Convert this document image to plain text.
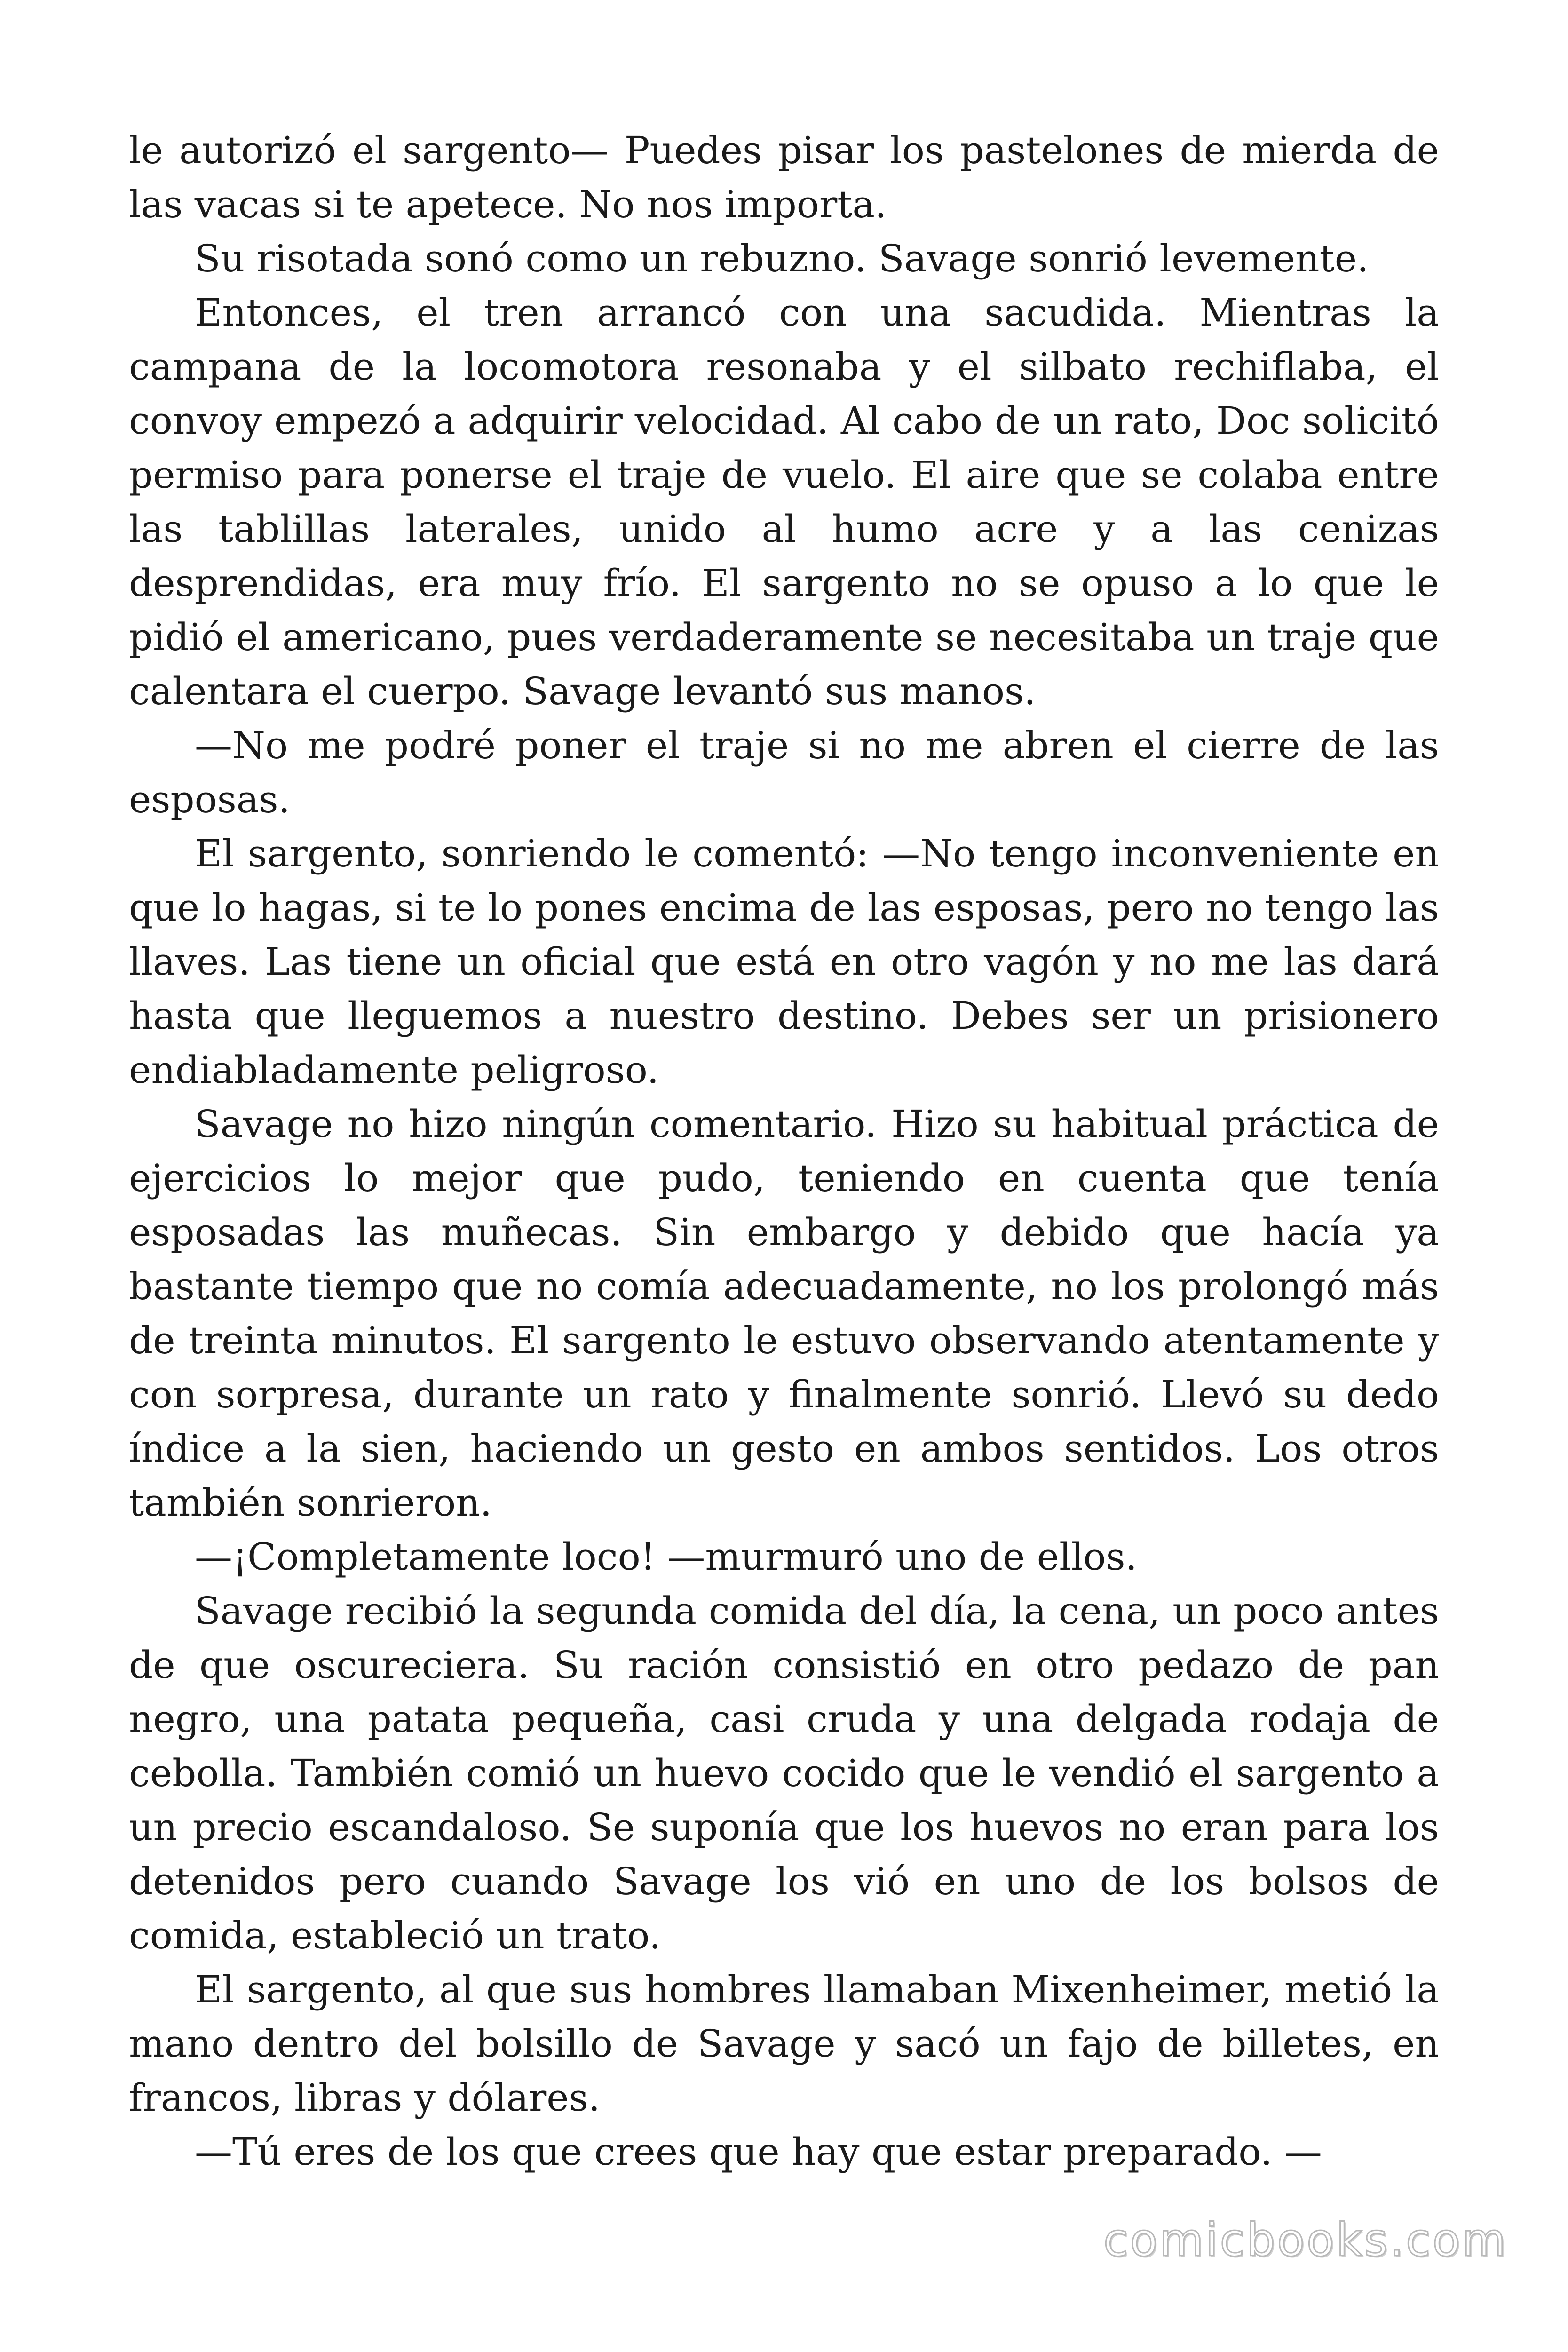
le autorizó el sargento— Puedes pisar los pastelones de mierda de las vacas si te apetece. No nos importa.

Su risotada sonó como un rebuzno. Savage sonrió levemente.

Entonces, el tren arrancó con una sacudida. Mientras la campana de la locomotora resonaba y el silbato rechiflaba, el convoy empezó a adquirir velocidad. Al cabo de un rato, Doc solicitó permiso para ponerse el traje de vuelo. El aire que se colaba entre las tablillas laterales, unido al humo acre y a las cenizas desprendidas, era muy frío. El sargento no se opuso a lo que le pidió el americano, pues verdaderamente se necesitaba un traje que calentara el cuerpo. Savage levantó sus manos.

—No me podré poner el traje si no me abren el cierre de las esposas.

El sargento, sonriendo le comentó: —No tengo inconveniente en que lo hagas, si te lo pones encima de las esposas, pero no tengo las llaves. Las tiene un oficial que está en otro vagón y no me las dará hasta que lleguemos a nuestro destino. Debes ser un prisionero endiabladamente peligroso.

Savage no hizo ningún comentario. Hizo su habitual práctica de ejercicios lo mejor que pudo, teniendo en cuenta que tenía esposadas las muñecas. Sin embargo y debido que hacía ya bastante tiempo que no comía adecuadamente, no los prolongó más de treinta minutos. El sargento le estuvo observando atentamente y con sorpresa, durante un rato y finalmente sonrió. Llevó su dedo índice a la sien, haciendo un gesto en ambos sentidos. Los otros también sonrieron.

—¡Completamente loco! —murmuró uno de ellos.

Savage recibió la segunda comida del día, la cena, un poco antes de que oscureciera. Su ración consistió en otro pedazo de pan negro, una patata pequeña, casi cruda y una delgada rodaja de cebolla. También comió un huevo cocido que le vendió el sargento a un precio escandaloso. Se suponía que los huevos no eran para los detenidos pero cuando Savage los vió en uno de los bolsos de comida, estableció un trato.

El sargento, al que sus hombres llamaban Mixenheimer, metió la mano dentro del bolsillo de Savage y sacó un fajo de billetes, en francos, libras y dólares.

—Tú eres de los que crees que hay que estar preparado. —

comicbooks.com
